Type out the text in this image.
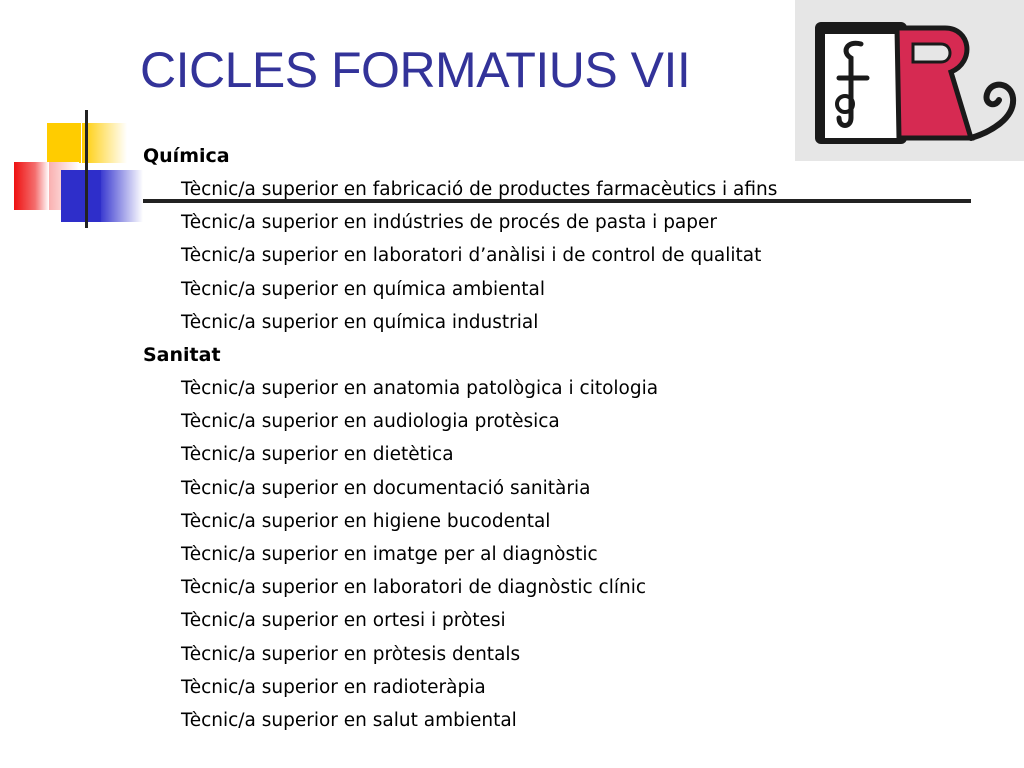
CICLES FORMATIUS VII
Química
Tècnic/a superior en fabricació de productes farmacèutics i afins
Tècnic/a superior en indústries de procés de pasta i paper
Tècnic/a superior en laboratori d’anàlisi i de control de qualitat
Tècnic/a superior en química ambiental
Tècnic/a superior en química industrial
Sanitat
Tècnic/a superior en anatomia patològica i citologia
Tècnic/a superior en audiologia protèsica
Tècnic/a superior en dietètica
Tècnic/a superior en documentació sanitària
Tècnic/a superior en higiene bucodental
Tècnic/a superior en imatge per al diagnòstic
Tècnic/a superior en laboratori de diagnòstic clínic
Tècnic/a superior en ortesi i pròtesi
Tècnic/a superior en pròtesis dentals
Tècnic/a superior en radioteràpia
Tècnic/a superior en salut ambiental
